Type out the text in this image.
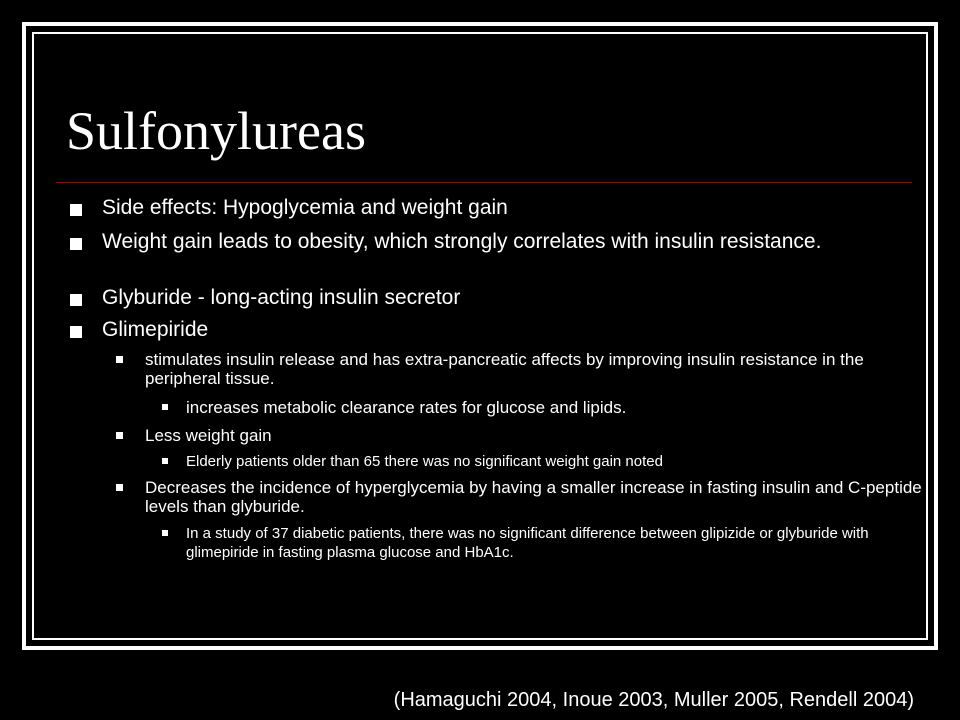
Sulfonylureas
Side effects: Hypoglycemia and weight gain
Weight gain leads to obesity, which strongly correlates with insulin resistance.
Glyburide - long-acting insulin secretor
Glimepiride
stimulates insulin release and has extra-pancreatic affects by improving insulin resistance in the peripheral tissue.
increases metabolic clearance rates for glucose and lipids.
Less weight gain
Elderly patients older than 65 there was no significant weight gain noted
Decreases the incidence of hyperglycemia by having a smaller increase in fasting insulin and C-peptide levels than glyburide.
In a study of 37 diabetic patients, there was no significant difference between glipizide or glyburide with glimepiride in fasting plasma glucose and HbA1c.
(Hamaguchi 2004, Inoue 2003, Muller 2005, Rendell 2004)
